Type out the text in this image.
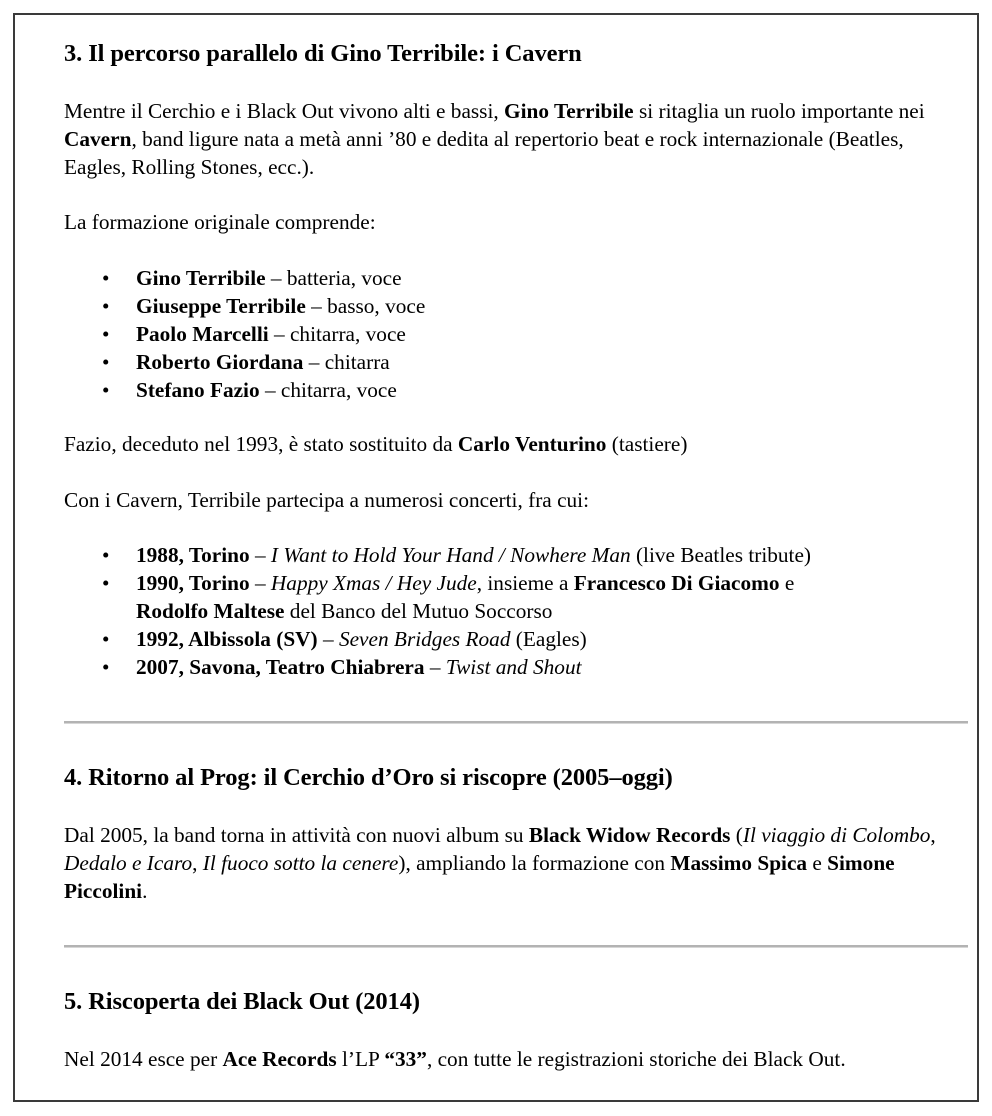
3. Il percorso parallelo di Gino Terribile: i Cavern

Mentre il Cerchio e i Black Out vivono alti e bassi, Gino Terribile si ritaglia un ruolo importante nei Cavern, band ligure nata a metà anni ’80 e dedita al repertorio beat e rock internazionale (Beatles, Eagles, Rolling Stones, ecc.).

La formazione originale comprende:

• Gino Terribile – batteria, voce
• Giuseppe Terribile – basso, voce
• Paolo Marcelli – chitarra, voce
• Roberto Giordana – chitarra
• Stefano Fazio – chitarra, voce

Fazio, deceduto nel 1993, è stato sostituito da Carlo Venturino (tastiere)

Con i Cavern, Terribile partecipa a numerosi concerti, fra cui:

• 1988, Torino – I Want to Hold Your Hand / Nowhere Man (live Beatles tribute)
• 1990, Torino – Happy Xmas / Hey Jude, insieme a Francesco Di Giacomo e
Rodolfo Maltese del Banco del Mutuo Soccorso
• 1992, Albissola (SV) – Seven Bridges Road (Eagles)
• 2007, Savona, Teatro Chiabrera – Twist and Shout
4. Ritorno al Prog: il Cerchio d’Oro si riscopre (2005–oggi)

Dal 2005, la band torna in attività con nuovi album su Black Widow Records (Il viaggio di Colombo, Dedalo e Icaro, Il fuoco sotto la cenere), ampliando la formazione con Massimo Spica e Simone Piccolini.

5. Riscoperta dei Black Out (2014)

Nel 2014 esce per Ace Records l’LP “33”, con tutte le registrazioni storiche dei Black Out.
